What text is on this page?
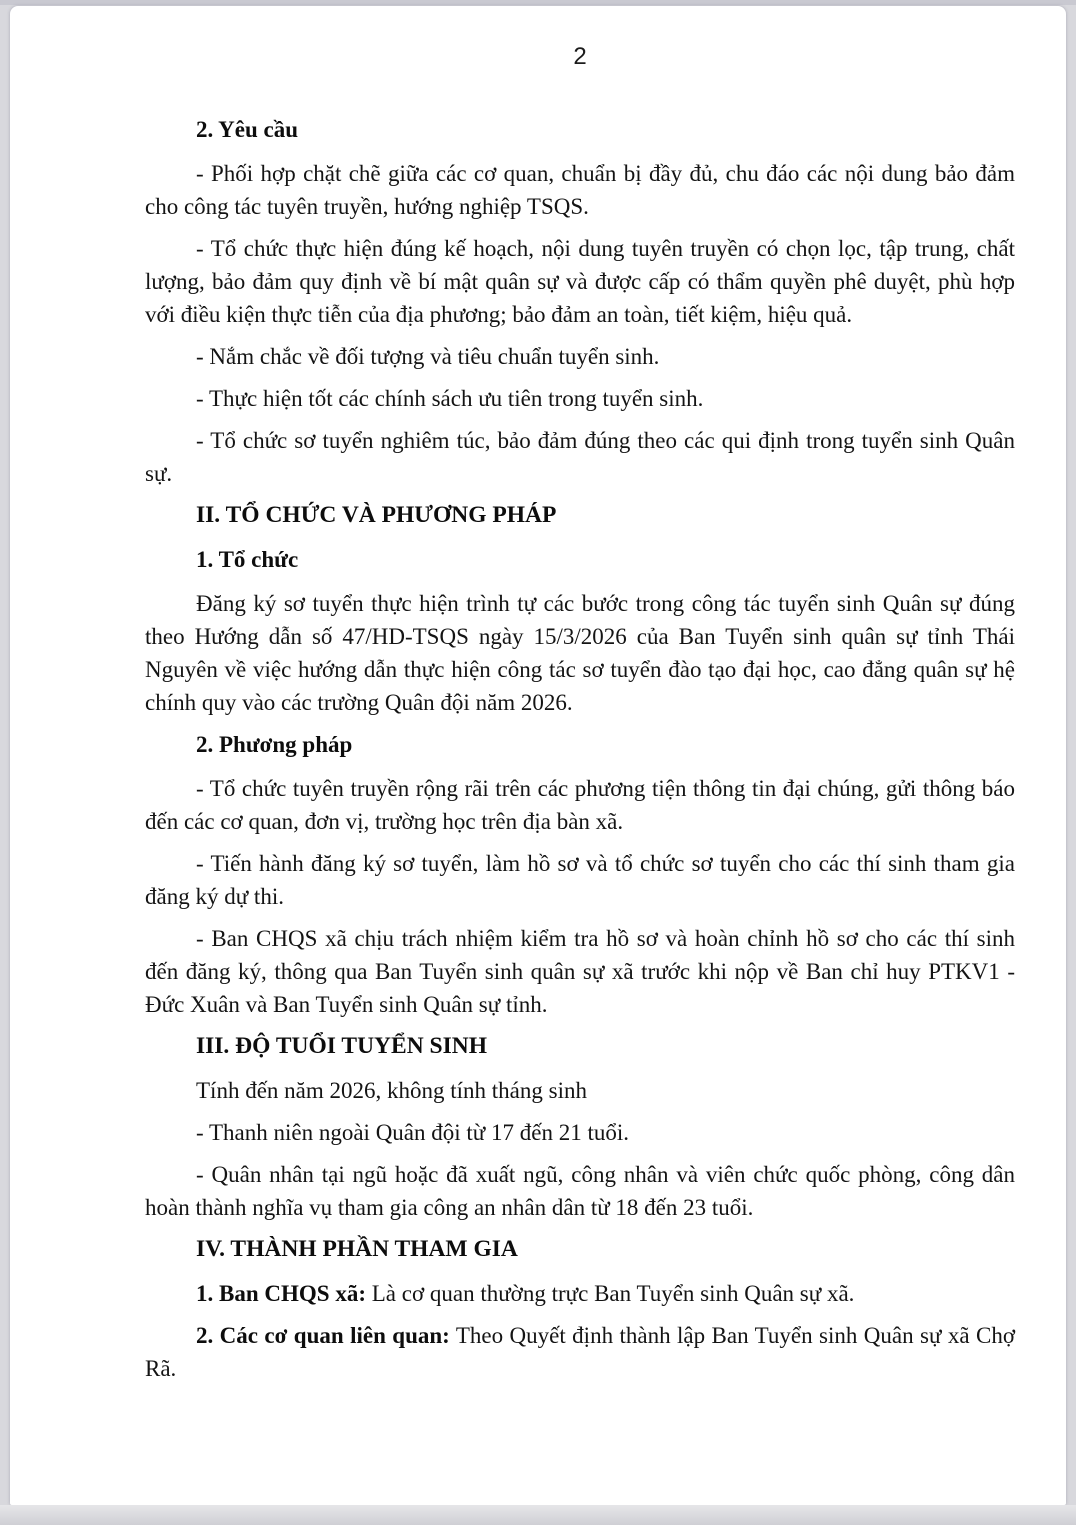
2
2. Yêu cầu

- Phối hợp chặt chẽ giữa các cơ quan, chuẩn bị đầy đủ, chu đáo các nội dung bảo đảm cho công tác tuyên truyền, hướng nghiệp TSQS.

- Tổ chức thực hiện đúng kế hoạch, nội dung tuyên truyền có chọn lọc, tập trung, chất lượng, bảo đảm quy định về bí mật quân sự và được cấp có thẩm quyền phê duyệt, phù hợp với điều kiện thực tiễn của địa phương; bảo đảm an toàn, tiết kiệm, hiệu quả.

- Nắm chắc về đối tượng và tiêu chuẩn tuyển sinh.

- Thực hiện tốt các chính sách ưu tiên trong tuyển sinh.

- Tổ chức sơ tuyển nghiêm túc, bảo đảm đúng theo các qui định trong tuyển sinh Quân sự.

II. TỔ CHỨC VÀ PHƯƠNG PHÁP
1. Tổ chức

Đăng ký sơ tuyển thực hiện trình tự các bước trong công tác tuyển sinh Quân sự đúng theo Hướng dẫn số 47/HD-TSQS ngày 15/3/2026 của Ban Tuyển sinh quân sự tỉnh Thái Nguyên về việc hướng dẫn thực hiện công tác sơ tuyển đào tạo đại học, cao đẳng quân sự hệ chính quy vào các trường Quân đội năm 2026.

2. Phương pháp

- Tổ chức tuyên truyền rộng rãi trên các phương tiện thông tin đại chúng, gửi thông báo đến các cơ quan, đơn vị, trường học trên địa bàn xã.

- Tiến hành đăng ký sơ tuyển, làm hồ sơ và tổ chức sơ tuyển cho các thí sinh tham gia đăng ký dự thi.

- Ban CHQS xã chịu trách nhiệm kiểm tra hồ sơ và hoàn chỉnh hồ sơ cho các thí sinh đến đăng ký, thông qua Ban Tuyển sinh quân sự xã trước khi nộp về Ban chỉ huy PTKV1 - Đức Xuân và Ban Tuyển sinh Quân sự tỉnh.

III. ĐỘ TUỔI TUYỂN SINH

Tính đến năm 2026, không tính tháng sinh

- Thanh niên ngoài Quân đội từ 17 đến 21 tuổi.

- Quân nhân tại ngũ hoặc đã xuất ngũ, công nhân và viên chức quốc phòng, công dân hoàn thành nghĩa vụ tham gia công an nhân dân từ 18 đến 23 tuổi.

IV. THÀNH PHẦN THAM GIA

1. Ban CHQS xã: Là cơ quan thường trực Ban Tuyển sinh Quân sự xã.

2. Các cơ quan liên quan: Theo Quyết định thành lập Ban Tuyển sinh Quân sự xã Chợ Rã.
